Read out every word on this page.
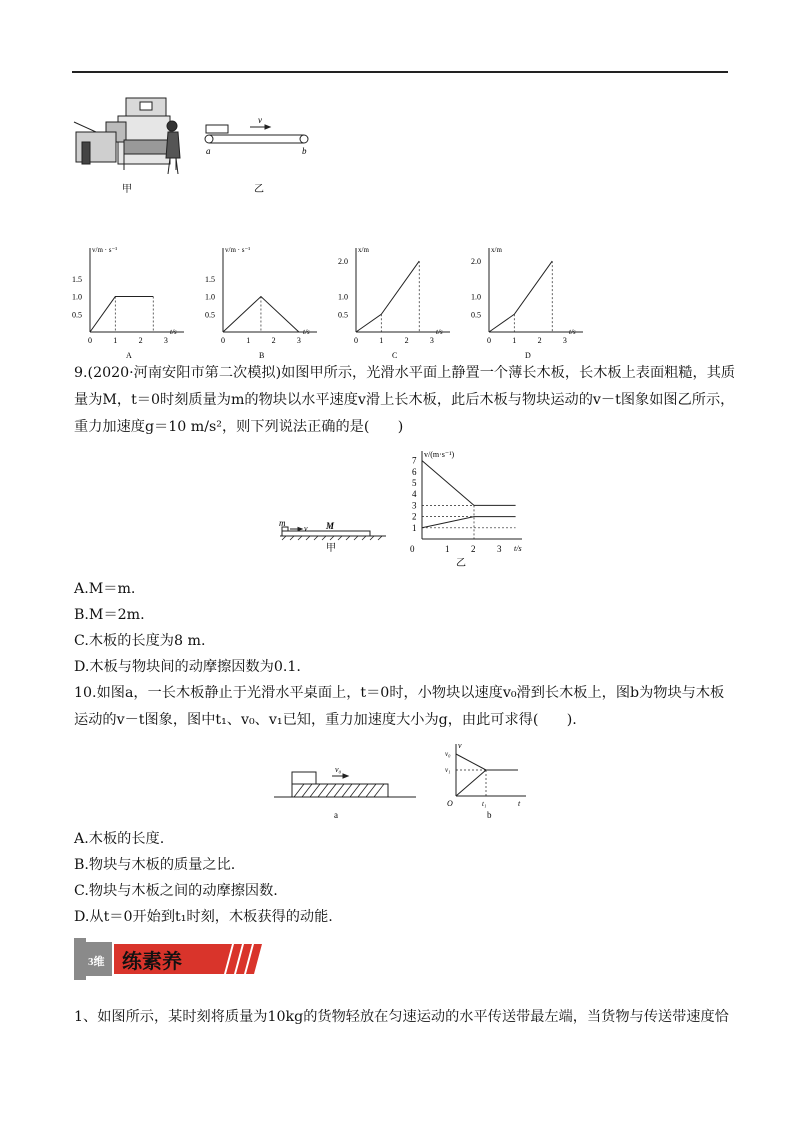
甲
v
a	b
乙
v/m · s⁻¹
t/s
1.5
1.0
0.5
0	1	2	3
A
v/m · s⁻¹
t/s
1.5
1.0
0.5
0	1	2	3
B
x/m
t/s
2.0
1.0
0.5
0	1	2	3
C
x/m
t/s
2.0
1.0
0.5
0	1	2	3
D
9.(2020·河南安阳市第二次模拟)如图甲所示，光滑水平面上静置一个薄长木板，长木板上表面粗糙，其质
量为M，t＝0时刻质量为m的物块以水平速度v滑上长木板，此后木板与物块运动的v－t图象如图乙所示，
重力加速度g＝10 m/s²，则下列说法正确的是(　　)
m
v M
甲
v/(m·s⁻¹)
t/s
7
6
5
4
3
2
1
0	1 2 3
乙
A.M＝m.
B.M＝2m.
C.木板的长度为8 m.
D.木板与物块间的动摩擦因数为0.1.
10.如图a，一长木板静止于光滑水平桌面上，t＝0时，小物块以速度v₀滑到长木板上，图b为物块与木板
运动的v－t图象，图中t₁、v₀、v₁已知，重力加速度大小为g，由此可求得(　　).
v₀
a
v
t
O
v₀
v₁
t₁
b
A.木板的长度.
B.物块与木板的质量之比.
C.物块与木板之间的动摩擦因数.
D.从t＝0开始到t₁时刻，木板获得的动能.
3维 练素养
1、如图所示，某时刻将质量为10kg的货物轻放在匀速运动的水平传送带最左端，当货物与传送带速度恰
